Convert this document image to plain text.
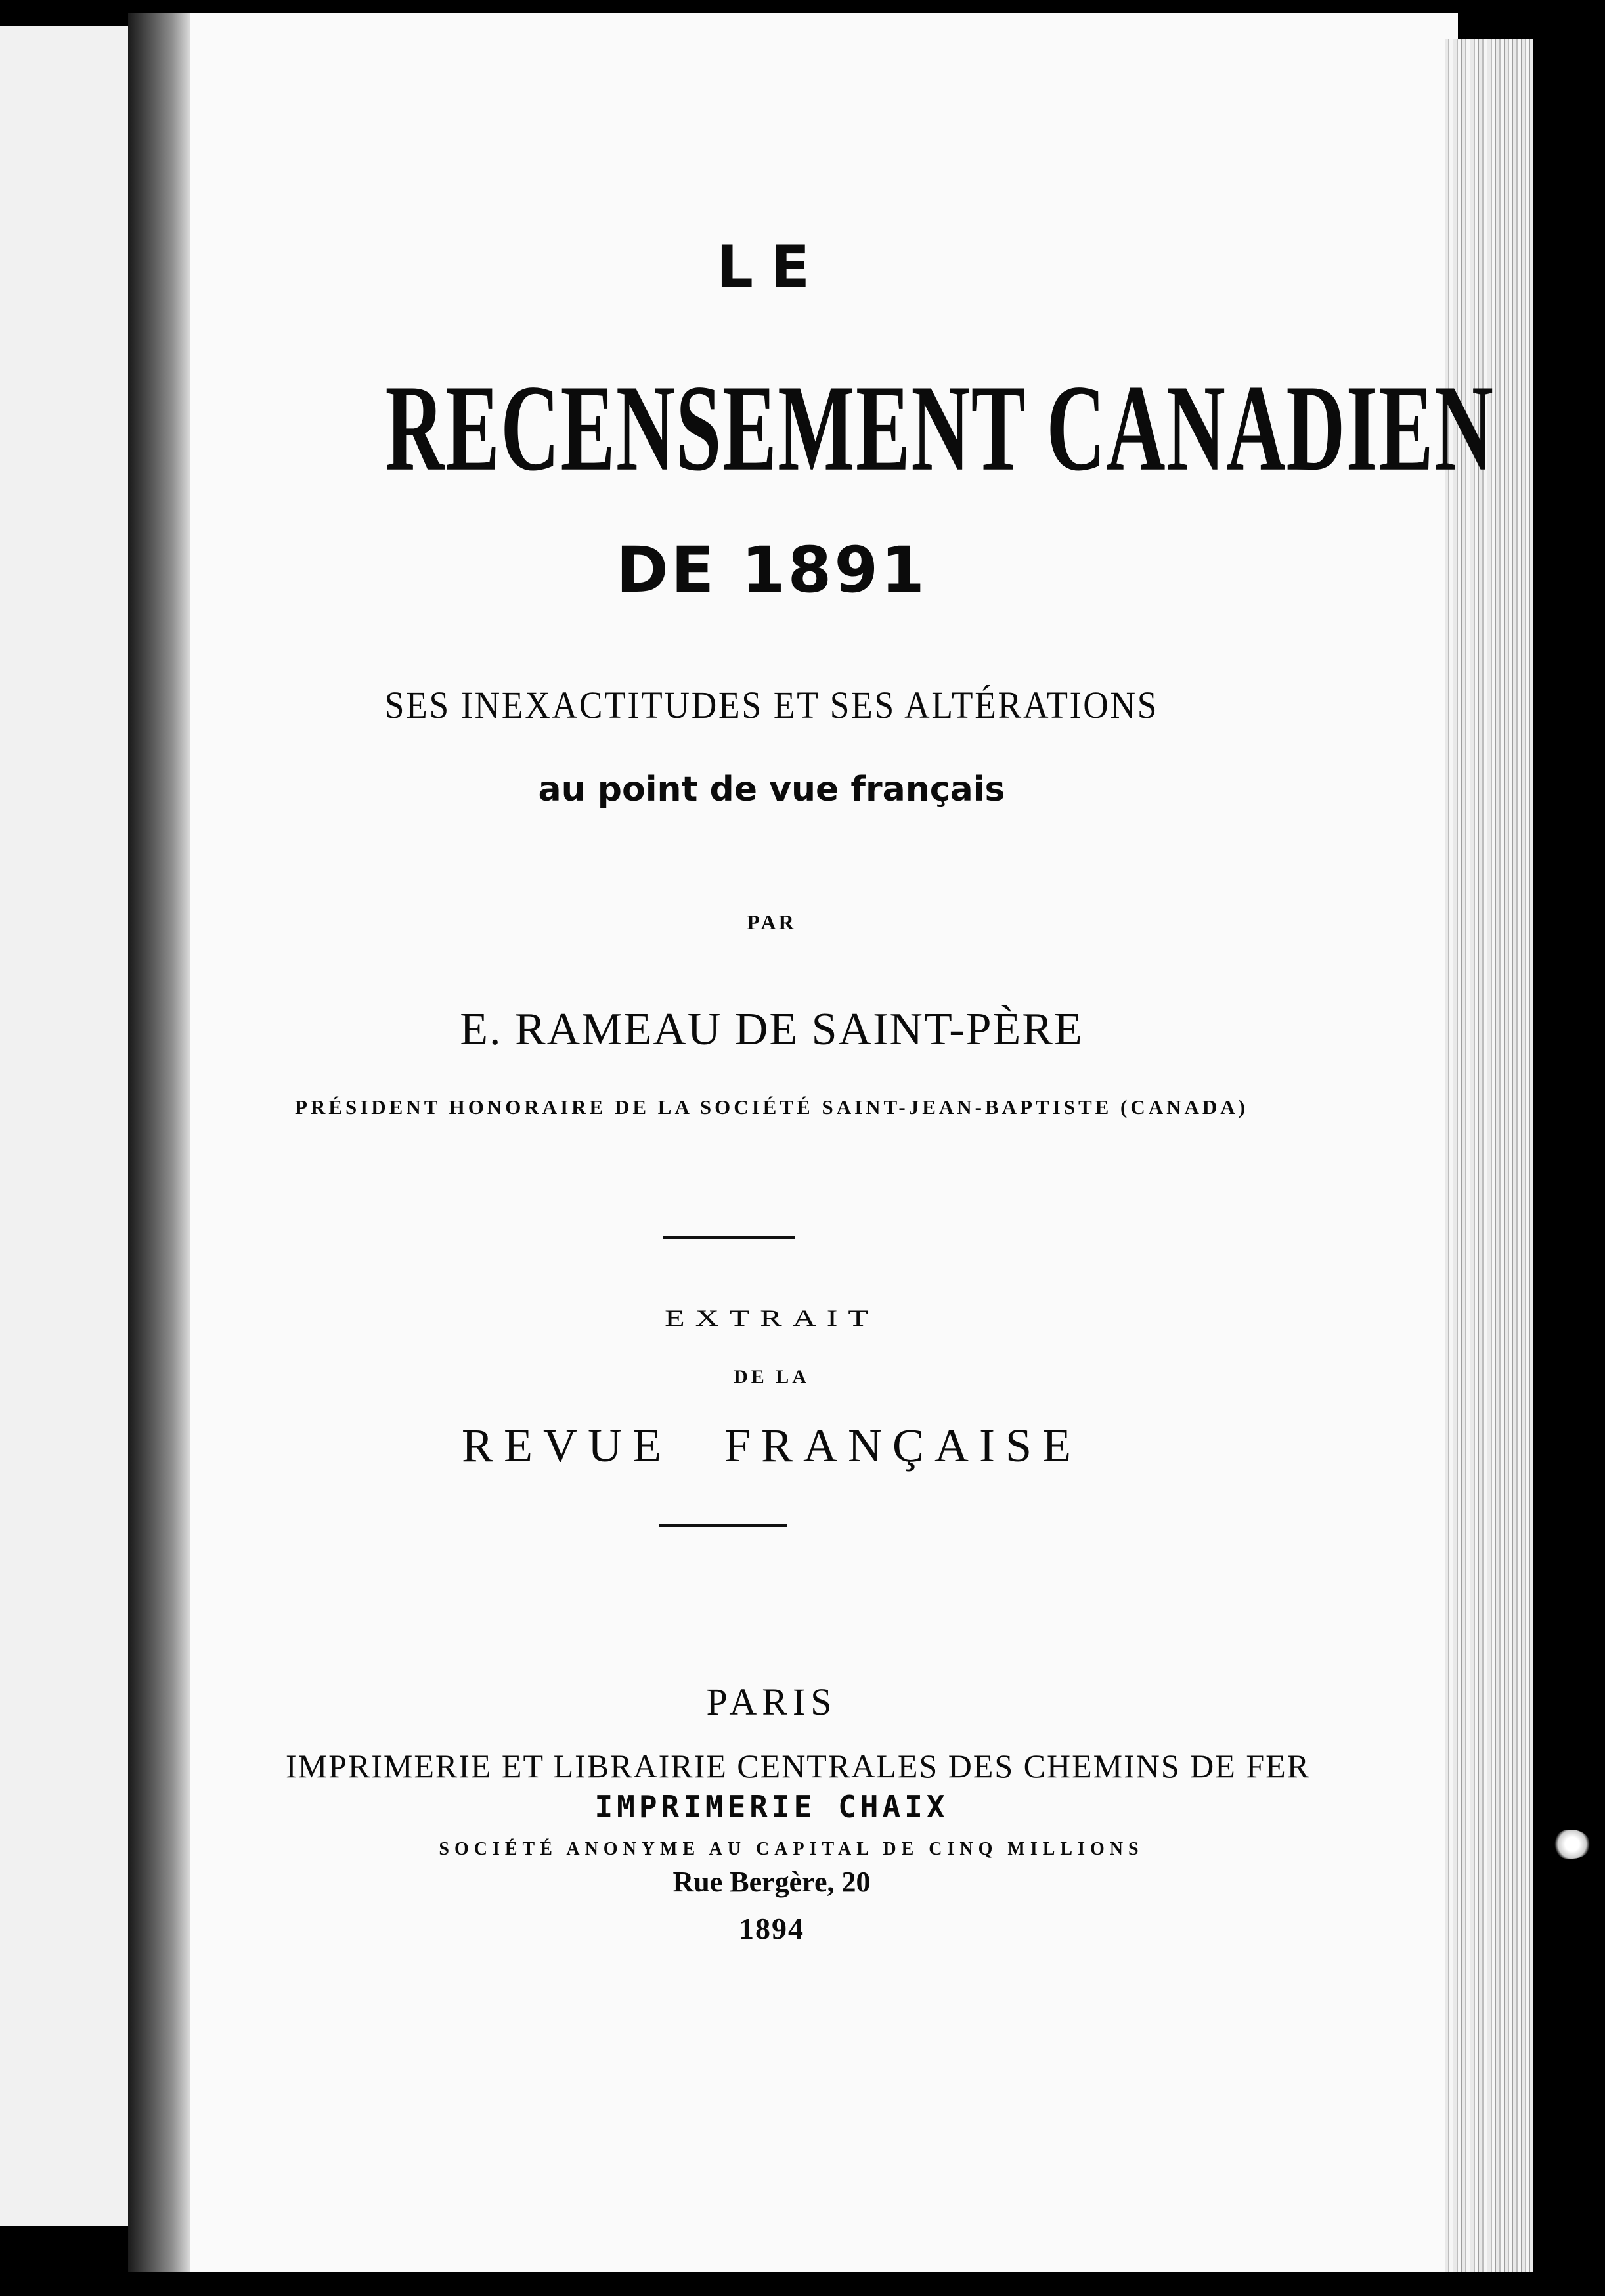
LE
RECENSEMENT CANADIEN
DE 1891
SES INEXACTITUDES ET SES ALTÉRATIONS
au point de vue français
PAR
E. RAMEAU DE SAINT-PÈRE
PRÉSIDENT HONORAIRE DE LA SOCIÉTÉ SAINT-JEAN-BAPTISTE (CANADA)
EXTRAIT
DE LA
REVUE FRANÇAISE
PARIS
IMPRIMERIE ET LIBRAIRIE CENTRALES DES CHEMINS DE FER
IMPRIMERIE CHAIX
SOCIÉTÉ ANONYME AU CAPITAL DE CINQ MILLIONS
Rue Bergère, 20
1894
